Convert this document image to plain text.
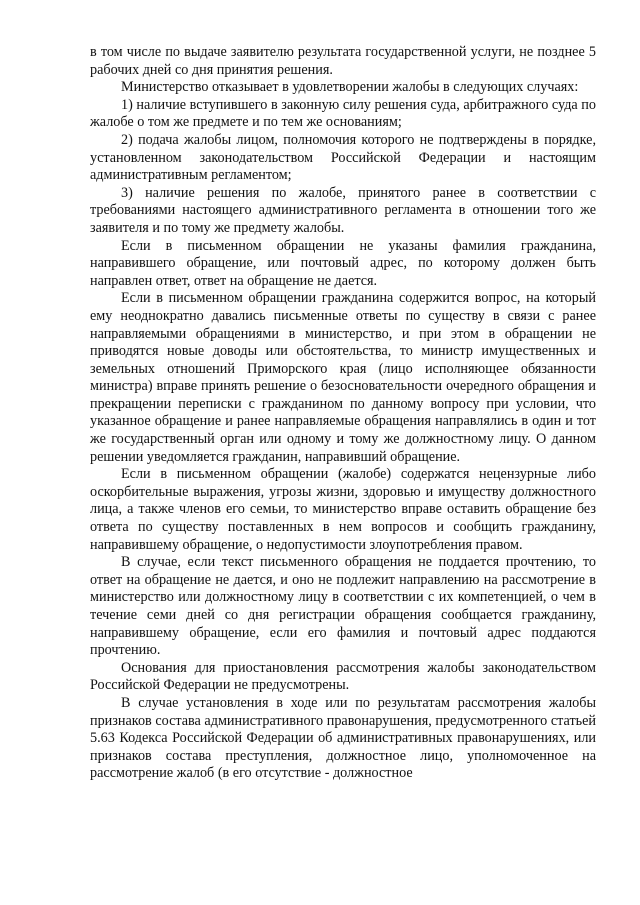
в том числе по выдаче заявителю результата государственной услуги, не позднее 5 рабочих дней со дня принятия решения.

Министерство отказывает в удовлетворении жалобы в следующих случаях:

1) наличие вступившего в законную силу решения суда, арбитражного суда по жалобе о том же предмете и по тем же основаниям;

2) подача жалобы лицом, полномочия которого не подтверждены в порядке, установленном законодательством Российской Федерации и настоящим административным регламентом;

3) наличие решения по жалобе, принятого ранее в соответствии с требованиями настоящего административного регламента в отношении того же заявителя и по тому же предмету жалобы.

Если в письменном обращении не указаны фамилия гражданина, направившего обращение, или почтовый адрес, по которому должен быть направлен ответ, ответ на обращение не дается.

Если в письменном обращении гражданина содержится вопрос, на который ему неоднократно давались письменные ответы по существу в связи с ранее направляемыми обращениями в министерство, и при этом в обращении не приводятся новые доводы или обстоятельства, то министр имущественных и земельных отношений Приморского края (лицо исполняющее обязанности министра) вправе принять решение о безосновательности очередного обращения и прекращении переписки с гражданином по данному вопросу при условии, что указанное обращение и ранее направляемые обращения направлялись в один и тот же государственный орган или одному и тому же должностному лицу. О данном решении уведомляется гражданин, направивший обращение.

Если в письменном обращении (жалобе) содержатся нецензурные либо оскорбительные выражения, угрозы жизни, здоровью и имуществу должностного лица, а также членов его семьи, то министерство вправе оставить обращение без ответа по существу поставленных в нем вопросов и сообщить гражданину, направившему обращение, о недопустимости злоупотребления правом.

В случае, если текст письменного обращения не поддается прочтению, то ответ на обращение не дается, и оно не подлежит направлению на рассмотрение в министерство или должностному лицу в соответствии с их компетенцией, о чем в течение семи дней со дня регистрации обращения сообщается гражданину, направившему обращение, если его фамилия и почтовый адрес поддаются прочтению.

Основания для приостановления рассмотрения жалобы законодательством Российской Федерации не предусмотрены.

В случае установления в ходе или по результатам рассмотрения жалобы признаков состава административного правонарушения, предусмотренного статьей 5.63 Кодекса Российской Федерации об административных правонарушениях, или признаков состава преступления, должностное лицо, уполномоченное на рассмотрение жалоб (в его отсутствие - должностное
